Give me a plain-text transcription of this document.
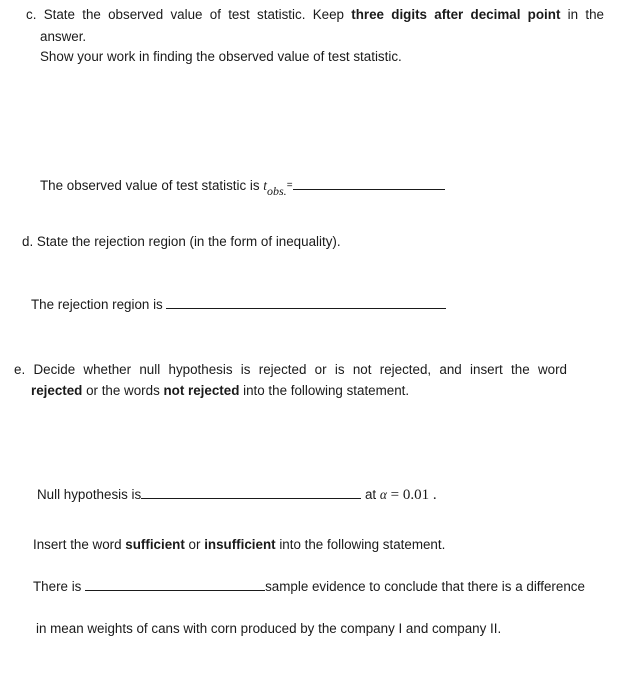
c. State the observed value of test statistic. Keep three digits after decimal point in the
answer.
Show your work in finding the observed value of test statistic.
The observed value of test statistic is tobs.=
d. State the rejection region (in the form of inequality).
The rejection region is
e. Decide whether null hypothesis is rejected or is not rejected, and insert the word
rejected or the words not rejected into the following statement.
Null hypothesis is	at α = 0.01 .
Insert the word sufficient or insufficient into the following statement.
There is	sample evidence to conclude that there is a difference
in mean weights of cans with corn produced by the company I and company II.
